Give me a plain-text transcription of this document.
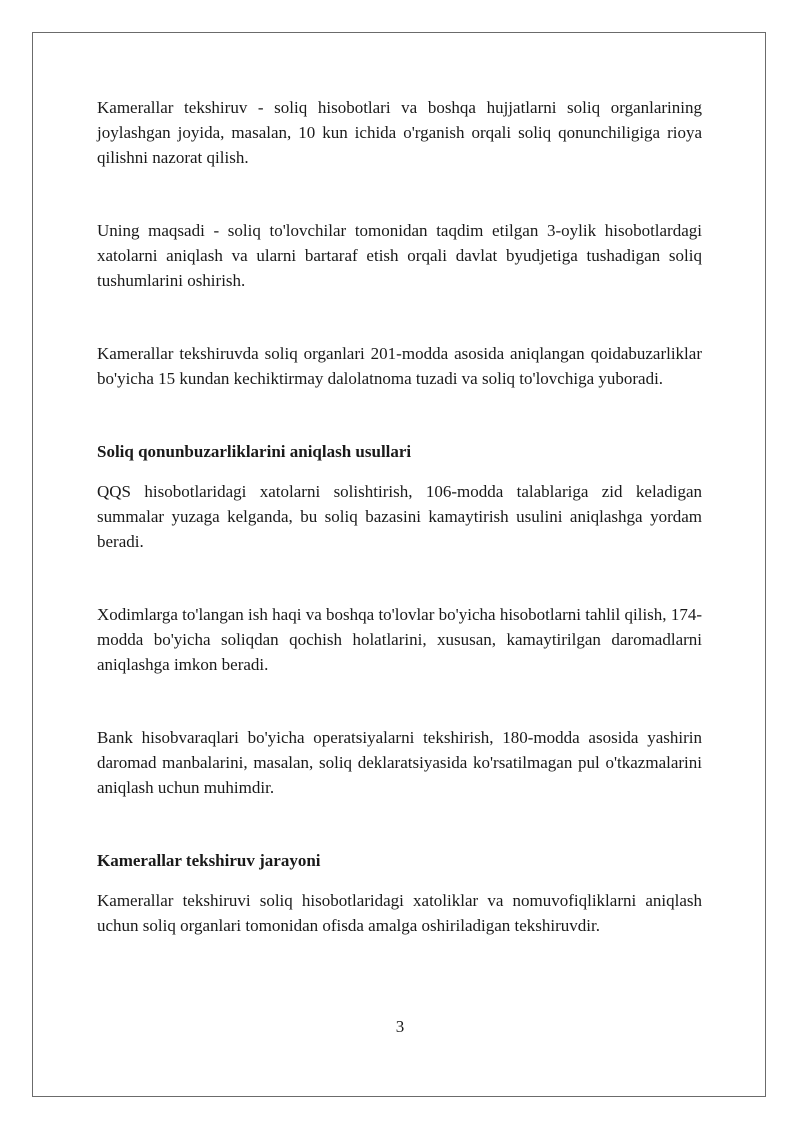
Kamerallar tekshiruv - soliq hisobotlari va boshqa hujjatlarni soliq organlarining joylashgan joyida, masalan, 10 kun ichida o'rganish orqali soliq qonunchiligiga rioya qilishni nazorat qilish.

Uning maqsadi - soliq to'lovchilar tomonidan taqdim etilgan 3-oylik hisobotlardagi xatolarni aniqlash va ularni bartaraf etish orqali davlat byudjetiga tushadigan soliq tushumlarini oshirish.

Kamerallar tekshiruvda soliq organlari 201-modda asosida aniqlangan qoidabuzarliklar bo'yicha 15 kundan kechiktirmay dalolatnoma tuzadi va soliq to'lovchiga yuboradi.

Soliq qonunbuzarliklarini aniqlash usullari

QQS hisobotlaridagi xatolarni solishtirish, 106-modda talablariga zid keladigan summalar yuzaga kelganda, bu soliq bazasini kamaytirish usulini aniqlashga yordam beradi.

Xodimlarga to'langan ish haqi va boshqa to'lovlar bo'yicha hisobotlarni tahlil qilish, 174-modda bo'yicha soliqdan qochish holatlarini, xususan, kamaytirilgan daromadlarni aniqlashga imkon beradi.

Bank hisobvaraqlari bo'yicha operatsiyalarni tekshirish, 180-modda asosida yashirin daromad manbalarini, masalan, soliq deklaratsiyasida ko'rsatilmagan pul o'tkazmalarini aniqlash uchun muhimdir.

Kamerallar tekshiruv jarayoni

Kamerallar tekshiruvi soliq hisobotlaridagi xatoliklar va nomuvofiqliklarni aniqlash uchun soliq organlari tomonidan ofisda amalga oshiriladigan tekshiruvdir.

3
